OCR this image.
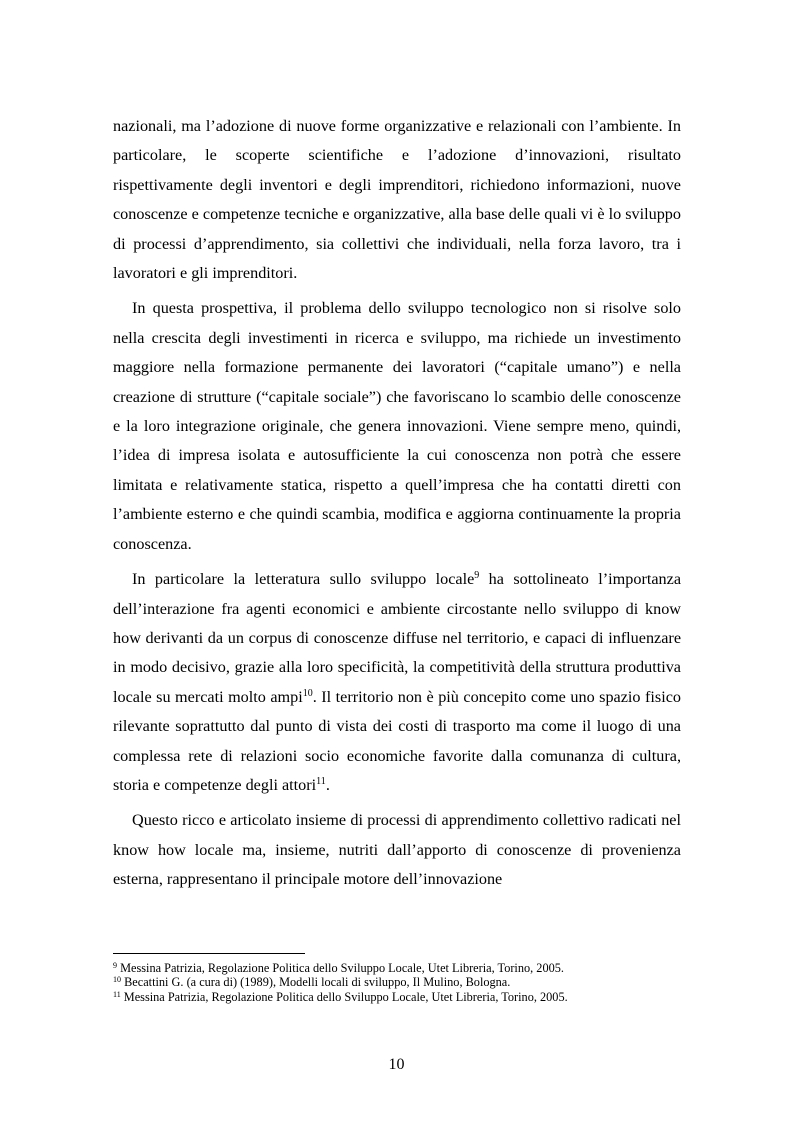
nazionali, ma l’adozione di nuove forme organizzative e relazionali con l’ambiente. In particolare, le scoperte scientifiche e l’adozione d’innovazioni, risultato rispettivamente degli inventori e degli imprenditori, richiedono informazioni, nuove conoscenze e competenze tecniche e organizzative, alla base delle quali vi è lo sviluppo di processi d’apprendimento, sia collettivi che individuali, nella forza lavoro, tra i lavoratori e gli imprenditori.

In questa prospettiva, il problema dello sviluppo tecnologico non si risolve solo nella crescita degli investimenti in ricerca e sviluppo, ma richiede un investimento maggiore nella formazione permanente dei lavoratori (“capitale umano”) e nella creazione di strutture (“capitale sociale”) che favoriscano lo scambio delle conoscenze e la loro integrazione originale, che genera innovazioni. Viene sempre meno, quindi, l’idea di impresa isolata e autosufficiente la cui conoscenza non potrà che essere limitata e relativamente statica, rispetto a quell’impresa che ha contatti diretti con l’ambiente esterno e che quindi scambia, modifica e aggiorna continuamente la propria conoscenza.

In particolare la letteratura sullo sviluppo locale$^9$ ha sottolineato l’importanza dell’interazione fra agenti economici e ambiente circostante nello sviluppo di know how derivanti da un corpus di conoscenze diffuse nel territorio, e capaci di influenzare in modo decisivo, grazie alla loro specificità, la competitività della struttura produttiva locale su mercati molto ampi$^{10}$. Il territorio non è più concepito come uno spazio fisico rilevante soprattutto dal punto di vista dei costi di trasporto ma come il luogo di una complessa rete di relazioni socio economiche favorite dalla comunanza di cultura, storia e competenze degli attori$^{11}$.

Questo ricco e articolato insieme di processi di apprendimento collettivo radicati nel know how locale ma, insieme, nutriti dall’apporto di conoscenze di provenienza esterna, rappresentano il principale motore dell’innovazione

$^9$ Messina Patrizia, Regolazione Politica dello Sviluppo Locale, Utet Libreria, Torino, 2005.

$^{10}$ Becattini G. (a cura di) (1989), Modelli locali di sviluppo, Il Mulino, Bologna.

$^{11}$ Messina Patrizia, Regolazione Politica dello Sviluppo Locale, Utet Libreria, Torino, 2005.

10
